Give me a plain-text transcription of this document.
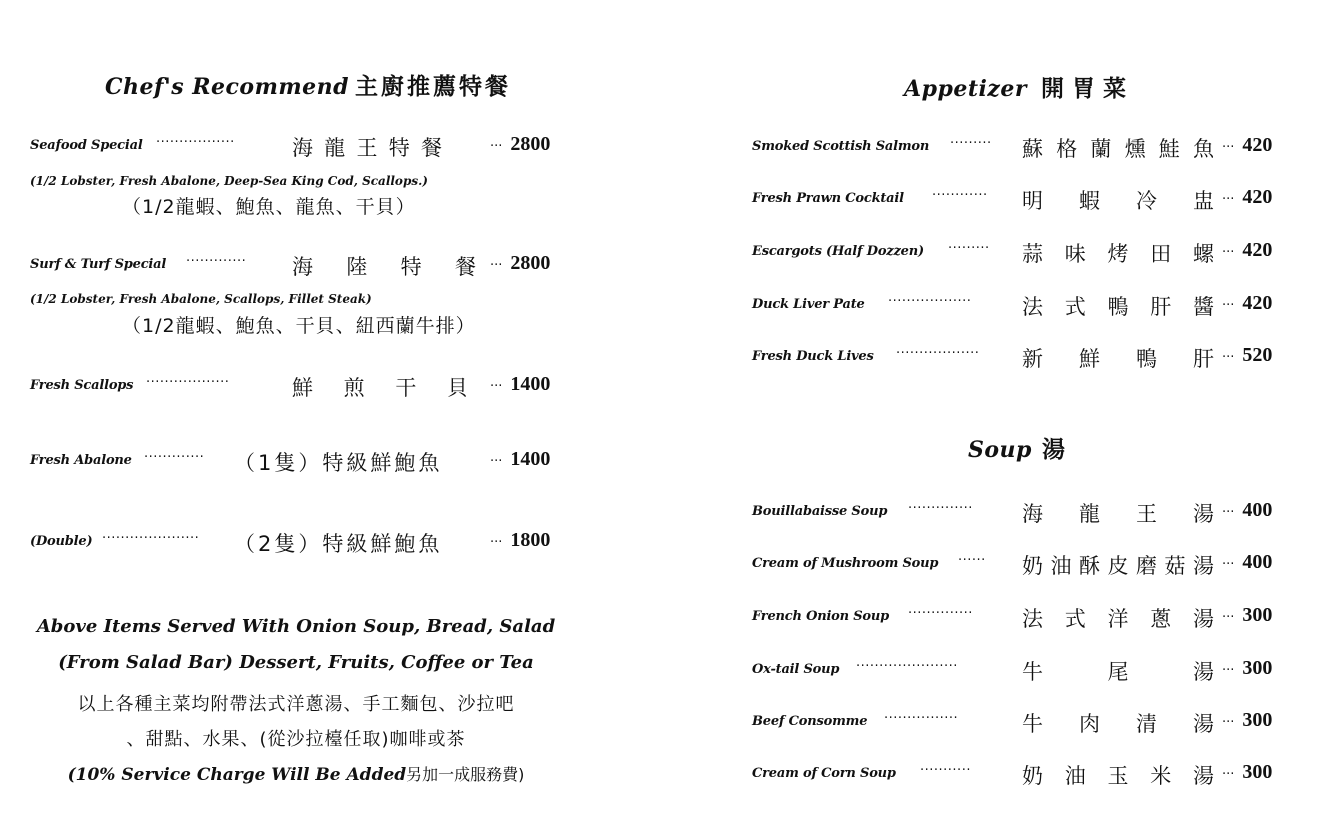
Chef's Recommend 主廚推薦特餐
Seafood Special ·················	海 龍 王 特 餐	··· 2800
(1/2 Lobster, Fresh Abalone, Deep-Sea King Cod, Scallops.)
（1/2龍蝦、鮑魚、龍魚、干貝）
Surf & Turf Special ············· 海 陸 特 餐 ··· 2800
(1/2 Lobster, Fresh Abalone, Scallops, Fillet Steak)
（1/2龍蝦、鮑魚、干貝、紐西蘭牛排）
Fresh Scallops ··················	鮮 煎 干 貝 ··· 1400
Fresh Abalone ············· （1隻）特級鮮鮑魚	··· 1400
(Double) ····················· （2隻）特級鮮鮑魚	··· 1800
Above Items Served With Onion Soup, Bread, Salad
(From Salad Bar) Dessert, Fruits, Coffee or Tea
以上各種主菜均附帶法式洋蔥湯、手工麵包、沙拉吧
、甜點、水果、(從沙拉檯任取)咖啡或茶
(10% Service Charge Will Be Added另加一成服務費)
Appetizer 開胃菜
Smoked Scottish Salmon ········· 蘇 格 蘭 燻 鮭 魚 ··· 420
Fresh Prawn Cocktail ············ 明 蝦 冷 盅 ··· 420
Escargots (Half Dozzen) ········· 蒜 味 烤 田 螺 ··· 420
Duck Liver Pate ·················· 法 式 鴨 肝 醬 ··· 420
Fresh Duck Lives ·················· 新 鮮 鴨 肝 ··· 520
Soup 湯
Bouillabaisse Soup ·············· 海 龍 王 湯 ··· 400
Cream of Mushroom Soup ······ 奶 油 酥 皮 磨 菇 湯 ··· 400
French Onion Soup ·············· 法 式 洋 蔥 湯 ··· 300
Ox-tail Soup ······················	牛	尾	湯 ··· 300
Beef Consomme ················	牛 肉 清 湯 ··· 300
Cream of Corn Soup ··········· 奶 油 玉 米 湯 ··· 300
